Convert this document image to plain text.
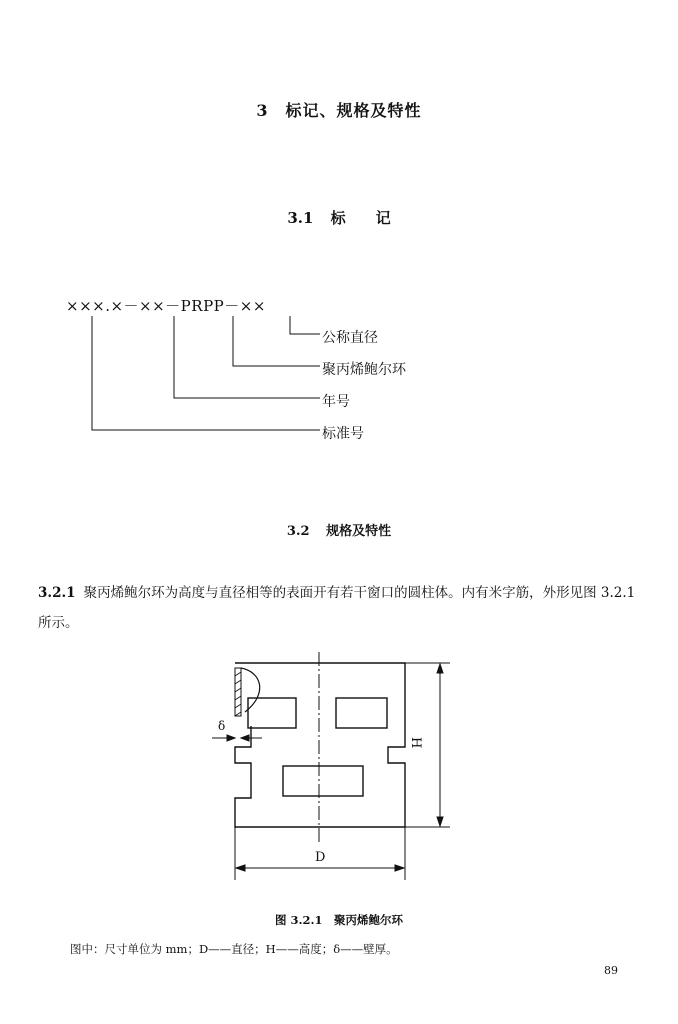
3　标记、规格及特性
3.1 标　　记
×××.×－××－PRPP－××
公称直径
聚丙烯鲍尔环
年号
标准号
3.2 规格及特性
3.2.1 聚丙烯鲍尔环为高度与直径相等的表面开有若干窗口的圆柱体。内有米字筋，外形见图 3.2.1 所示。
δ
H
D
图 3.2.1　聚丙烯鲍尔环
图中：尺寸单位为 mm；D——直径；H——高度；δ——壁厚。
89
